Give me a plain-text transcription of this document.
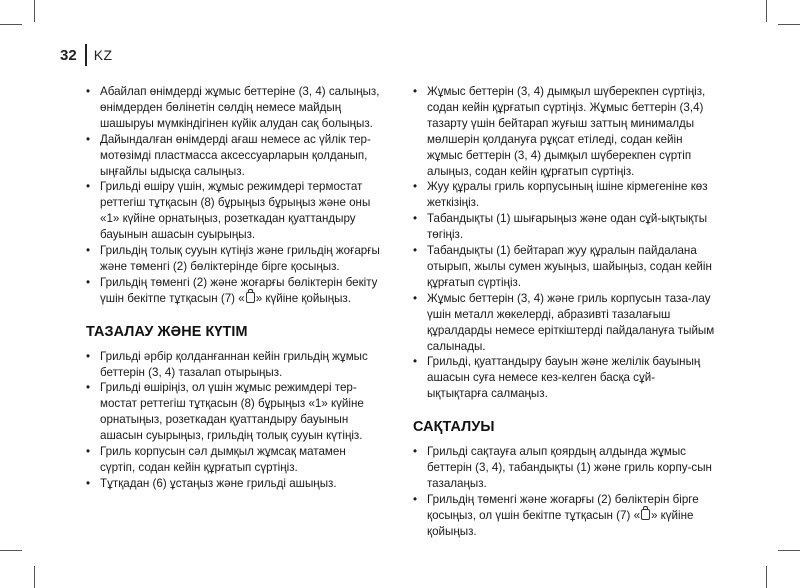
32 KZ
• Абайлап өнімдерді жұмыс беттеріне (3, 4) салыңыз, өнімдерден бөлінетін сөлдің немесе майдың шашыруы мүмкіндігінен күйік алудан сақ болыңыз.
• Дайындалған өнімдерді ағаш немесе ас үйлік тер-мотөзімді пластмасса аксессуарларын қолданып, ыңғайлы ыдысқа салыңыз.
• Грильді өшіру үшін, жұмыс режимдері термостат реттегіш тұтқасын (8) бұрыңыз бұрыңыз және оны «1» күйіне орнатыңыз, розеткадан қуаттандыру бауынын ашасын суырыңыз.
• Грильдің толық сууын күтіңіз және грильдің жоғарғы және төменгі (2) бөліктерінде бірге қосыңыз.
• Грильдің төменгі (2) және жоғарғы бөліктерін бекіту үшін бекітпе тұтқасын (7) « » күйіне қойыңыз.
ТАЗАЛАУ ЖӘНЕ КҮТІМ
• Грильді әрбір қолданғаннан кейін грильдің жұмыс беттерін (3, 4) тазалап отырыңыз.
• Грильді өшіріңіз, ол үшін жұмыс режимдері тер-мостат реттегіш тұтқасын (8) бұрыңыз «1» күйіне орнатыңыз, розеткадан қуаттандыру бауынын ашасын суырыңыз, грильдің толық сууын күтіңіз.
• Гриль корпусын сәл дымқыл жұмсақ матамен сүртіп, содан кейін құрғатып сүртіңіз.
• Тұтқадан (6) ұстаңыз және грильді ашыңыз.
• Жұмыс беттерін (3, 4) дымқыл шүберекпен сүртіңіз, содан кейін құрғатып сүртіңіз. Жұмыс беттерін (3,4) тазарту үшін бейтарап жуғыш заттың минималды мөлшерін қолдануға рұқсат етіледі, содан кейін жұмыс беттерін (3, 4) дымқыл шүберекпен сүртіп алыңыз, содан кейін құрғатып сүртіңіз.
• Жуу құралы гриль корпусының ішіне кірмегеніне көз жеткізіңіз.
• Табандықты (1) шығарыңыз және одан сұй-ықтықты төгіңіз.
• Табандықты (1) бейтарап жуу құралын пайдалана отырып, жылы сумен жуыңыз, шайыңыз, содан кейін құрғатып сүртіңіз.
• Жұмыс беттерін (3, 4) және гриль корпусын таза-лау үшін металл жөкелерді, абразивті тазалағыш құралдарды немесе еріткіштерді пайдалануға тыйым салынады.
• Грильді, қуаттандыру бауын және желілік бауының ашасын суға немесе кез-келген басқа сұй-ықтықтарға салмаңыз.
САҚТАЛУЫ
• Грильді сақтауға алып қоярдың алдында жұмыс беттерін (3, 4), табандықты (1) және гриль корпу-сын тазалаңыз.
• Грильдің төменгі және жоғарғы (2) бөліктерін бірге қосыңыз, ол үшін бекітпе тұтқасын (7) « » күйіне қойыңыз.
